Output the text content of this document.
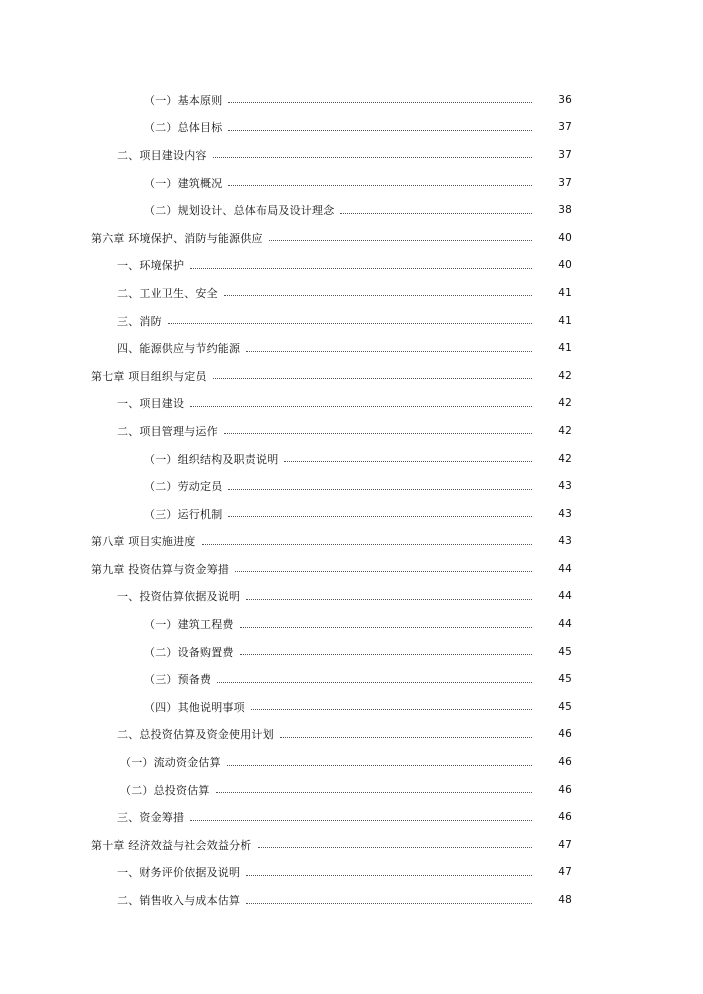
（一）基本原则	36
（二）总体目标	37
二、项目建设内容	37
（一）建筑概况	37
（二）规划设计、总体布局及设计理念	38
第六章 环境保护、消防与能源供应	40
一、环境保护	40
二、工业卫生、安全	41
三、消防	41
四、能源供应与节约能源	41
第七章 项目组织与定员	42
一、项目建设	42
二、项目管理与运作	42
（一）组织结构及职责说明	42
（二）劳动定员	43
（三）运行机制	43
第八章 项目实施进度	43
第九章 投资估算与资金筹措	44
一、投资估算依据及说明	44
（一）建筑工程费	44
（二）设备购置费	45
（三）预备费	45
（四）其他说明事项	45
二、总投资估算及资金使用计划	46
（一）流动资金估算	46
（二）总投资估算	46
三、资金筹措	46
第十章 经济效益与社会效益分析	47
一、财务评价依据及说明	47
二、销售收入与成本估算	48
